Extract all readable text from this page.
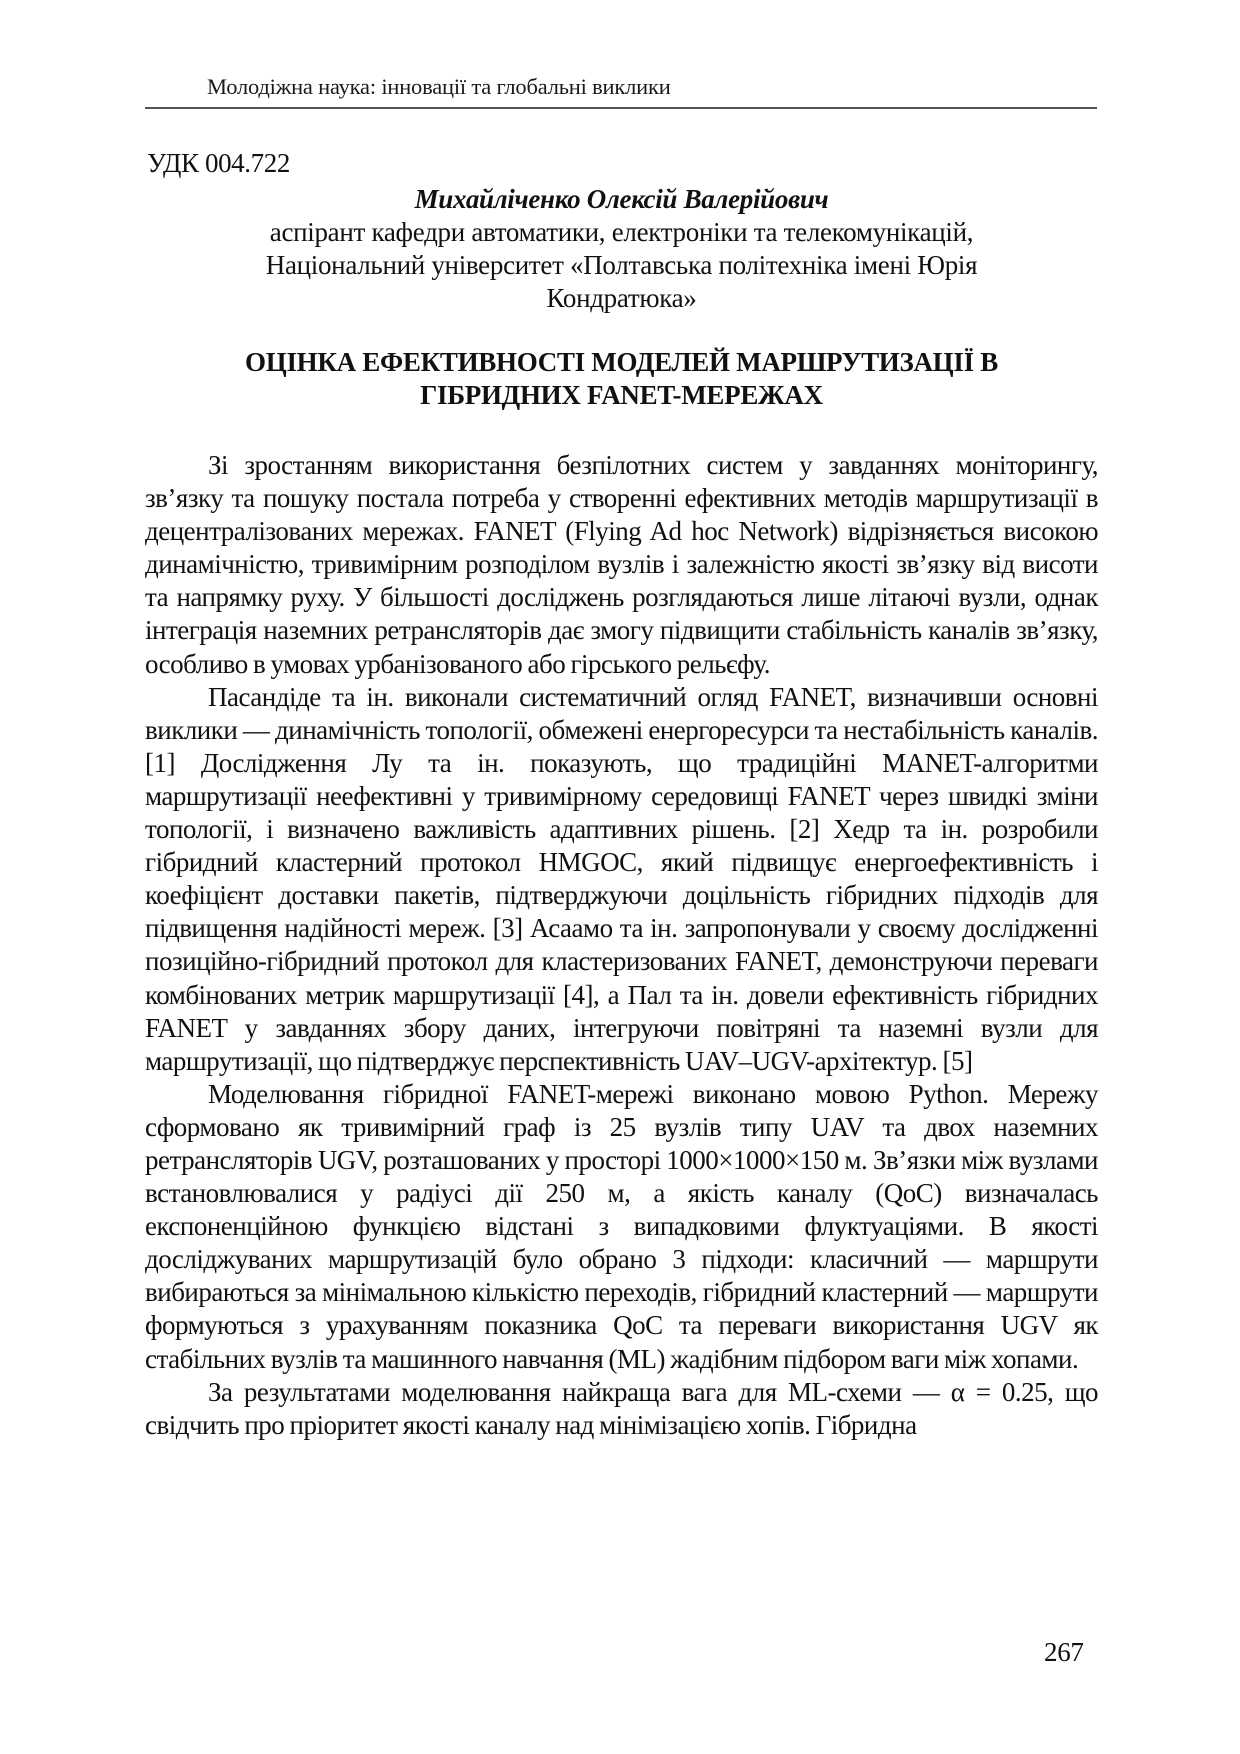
Молодіжна наука: інновації та глобальні виклики
УДК 004.722
Михайліченко Олексій Валерійович
аспірант кафедри автоматики, електроніки та телекомунікацій,
Національний університет «Полтавська політехніка імені Юрія
Кондратюка»
ОЦІНКА ЕФЕКТИВНОСТІ МОДЕЛЕЙ МАРШРУТИЗАЦІЇ В
ГІБРИДНИХ FANET-МЕРЕЖАХ

Зі зростанням використання безпілотних систем у завданнях моніторингу, зв’язку та пошуку постала потреба у створенні ефективних методів маршрутизації в децентралізованих мережах. FANET (Flying Ad hoc Network) відрізняється високою динамічністю, тривимірним розподілом вузлів і залежністю якості зв’язку від висоти та напрямку руху. У більшості досліджень розглядаються лише літаючі вузли, однак інтеграція наземних ретрансляторів дає змогу підвищити стабільність каналів зв’язку, особливо в умовах урбанізованого або гірського рельєфу.

Пасандіде та ін. виконали систематичний огляд FANET, визначивши основні виклики — динамічність топології, обмежені енергоресурси та нестабільність каналів. [1] Дослідження Лу та ін. показують, що традиційні MANET-алгоритми маршрутизації неефективні у тривимірному середовищі FANET через швидкі зміни топології, і визначено важливість адаптивних рішень. [2] Хедр та ін. розробили гібридний кластерний протокол HMGOC, який підвищує енергоефективність і коефіцієнт доставки пакетів, підтверджуючи доцільність гібридних підходів для підвищення надійності мереж. [3] Асаамо та ін. запропонували у своєму дослідженні позиційно-гібридний протокол для кластеризованих FANET, демонструючи переваги комбінованих метрик маршрутизації [4], а Пал та ін. довели ефективність гібридних FANET у завданнях збору даних, інтегруючи повітряні та наземні вузли для маршрутизації, що підтверджує перспективність UAV–UGV-архітектур. [5]

Моделювання гібридної FANET-мережі виконано мовою Python. Мережу сформовано як тривимірний граф із 25 вузлів типу UAV та двох наземних ретрансляторів UGV, розташованих у просторі 1000×1000×150 м. Зв’язки між вузлами встановлювалися у радіусі дії 250 м, а якість каналу (QoC) визначалась експоненційною функцією відстані з випадковими флуктуаціями. В якості досліджуваних маршрутизацій було обрано 3 підходи: класичний — маршрути вибираються за мінімальною кількістю переходів, гібридний кластерний — маршрути формуються з урахуванням показника QoC та переваги використання UGV як стабільних вузлів та машинного навчання (ML) жадібним підбором ваги між хопами.

За результатами моделювання найкраща вага для ML-схеми — α = 0.25, що свідчить про пріоритет якості каналу над мінімізацією хопів. Гібридна

267
